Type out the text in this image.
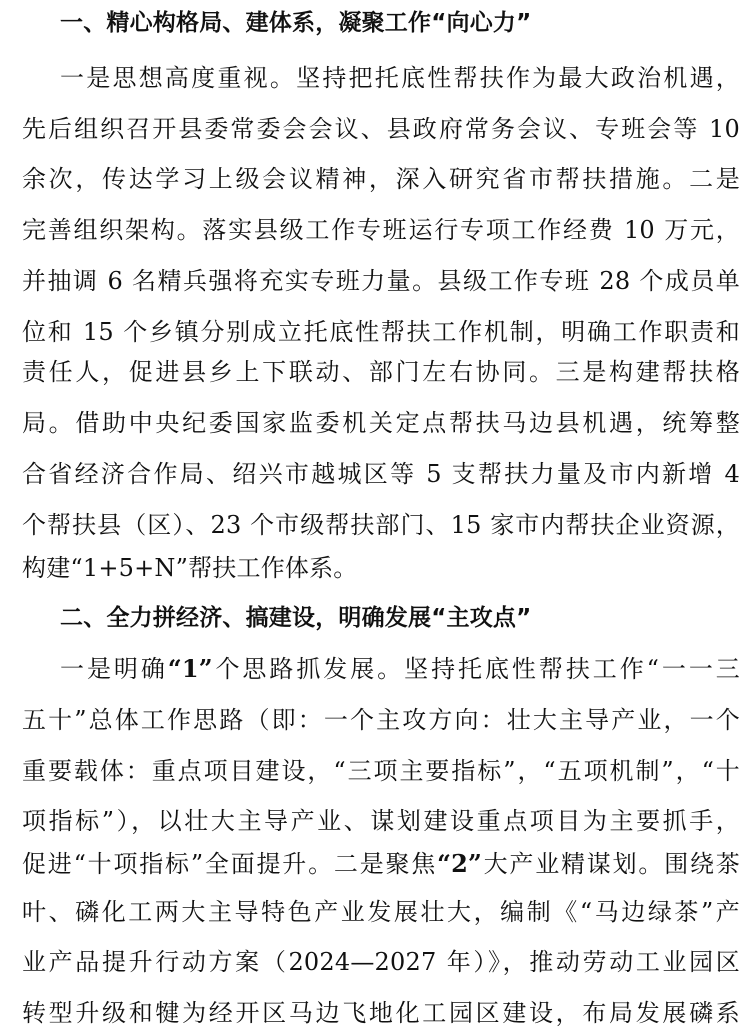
一、精心构格局、建体系，凝聚工作“向心力”
一是思想高度重视。坚持把托底性帮扶作为最大政治机遇，
先后组织召开县委常委会会议、县政府常务会议、专班会等 10
余次，传达学习上级会议精神，深入研究省市帮扶措施。二是
完善组织架构。落实县级工作专班运行专项工作经费 10 万元，
并抽调 6 名精兵强将充实专班力量。县级工作专班 28 个成员单
位和 15 个乡镇分别成立托底性帮扶工作机制，明确工作职责和
责任人，促进县乡上下联动、部门左右协同。三是构建帮扶格
局。借助中央纪委国家监委机关定点帮扶马边县机遇，统筹整
合省经济合作局、绍兴市越城区等 5 支帮扶力量及市内新增 4
个帮扶县（区）、23 个市级帮扶部门、15 家市内帮扶企业资源，
构建“1+5+N”帮扶工作体系。
二、全力拼经济、搞建设，明确发展“主攻点”
一是明确“1”个思路抓发展。坚持托底性帮扶工作“一一三
五十”总体工作思路（即：一个主攻方向：壮大主导产业，一个
重要载体：重点项目建设，“三项主要指标”，“五项机制”，“十
项指标”），以壮大主导产业、谋划建设重点项目为主要抓手，
促进“十项指标”全面提升。二是聚焦“2”大产业精谋划。围绕茶
叶、磷化工两大主导特色产业发展壮大，编制《“马边绿茶”产
业产品提升行动方案（2024—2027 年）》，推动劳动工业园区
转型升级和犍为经开区马边飞地化工园区建设，布局发展磷系
